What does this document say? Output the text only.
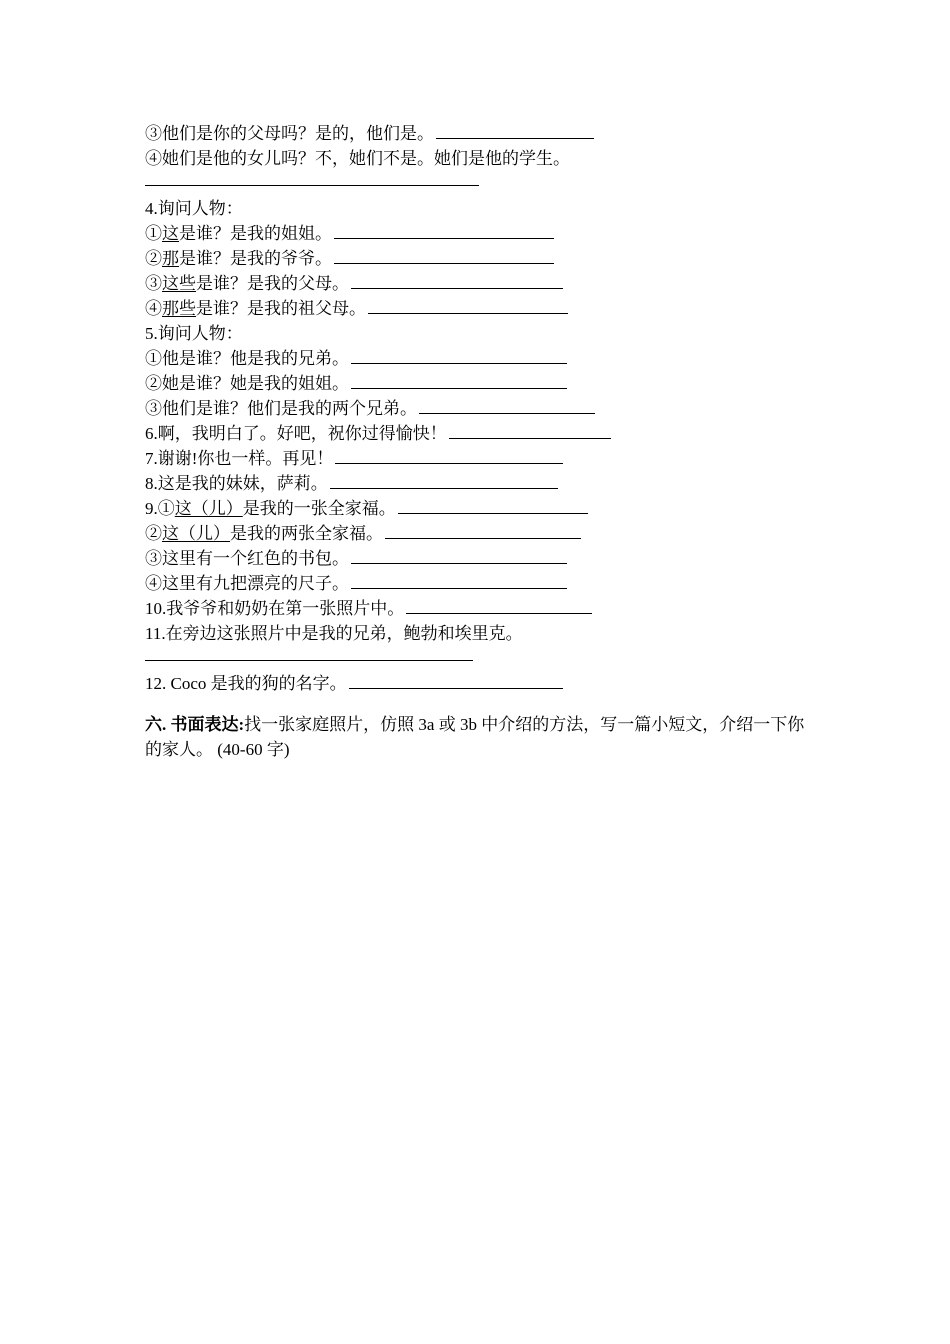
③他们是你的父母吗？是的，他们是。
④她们是他的女儿吗？不，她们不是。她们是他的学生。
4.询问人物：
①这是谁？是我的姐姐。
②那是谁？是我的爷爷。
③这些是谁？是我的父母。
④那些是谁？是我的祖父母。
5.询问人物：
①他是谁？他是我的兄弟。
②她是谁？她是我的姐姐。
③他们是谁？他们是我的两个兄弟。
6.啊，我明白了。好吧，祝你过得愉快！
7.谢谢!你也一样。再见！
8.这是我的妹妹，萨莉。
9.①这（儿）是我的一张全家福。
②这（儿）是我的两张全家福。
③这里有一个红色的书包。
④这里有九把漂亮的尺子。
10.我爷爷和奶奶在第一张照片中。
11.在旁边这张照片中是我的兄弟，鲍勃和埃里克。
12. Coco 是我的狗的名字。
六. 书面表达:找一张家庭照片，仿照 3a 或 3b 中介绍的方法，写一篇小短文，介绍一下你的家人。 (40-60 字)
